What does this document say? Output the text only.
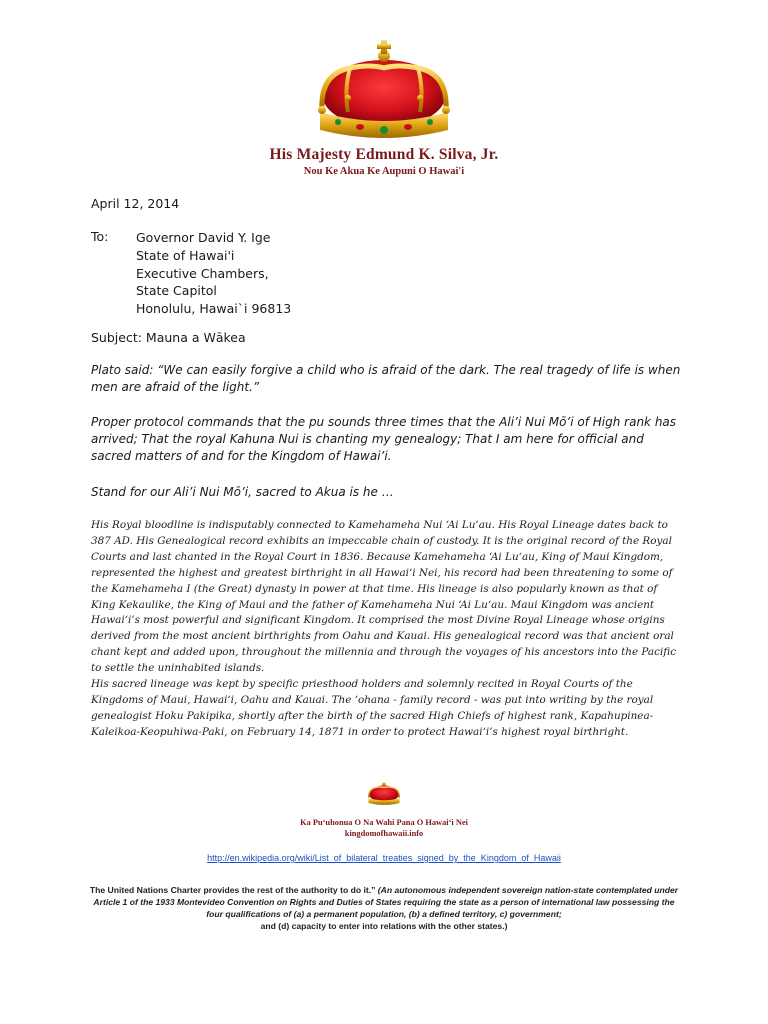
His Majesty Edmund K. Silva, Jr.
Nou Ke Akua Ke Aupuni O Hawai'i
April 12, 2014
To: Governor David Y. Ige
State of Hawai'i
Executive Chambers,
State Capitol
Honolulu, Hawai`i 96813
Subject: Mauna a Wākea
Plato said: “We can easily forgive a child who is afraid of the dark. The real tragedy of life is when men are afraid of the light.”
Proper protocol commands that the pu sounds three times that the Ali’i Nui Mō’i of High rank has arrived; That the royal Kahuna Nui is chanting my genealogy; That I am here for official and sacred matters of and for the Kingdom of Hawai’i.
Stand for our Ali’i Nui Mō’i, sacred to Akua is he …
His Royal bloodline is indisputably connected to Kamehameha Nui ʻAi Luʻau. His Royal Lineage dates back to 387 AD. His Genealogical record exhibits an impeccable chain of custody. It is the original record of the Royal Courts and last chanted in the Royal Court in 1836. Because Kamehameha ʻAi Luʻau, King of Maui Kingdom, represented the highest and greatest birthright in all Hawaiʻi Nei, his record had been threatening to some of the Kamehameha I (the Great) dynasty in power at that time. His lineage is also popularly known as that of King Kekaulike, the King of Maui and the father of Kamehameha Nui ʻAi Luʻau. Maui Kingdom was ancient Hawaiʻi’s most powerful and significant Kingdom. It comprised the most Divine Royal Lineage whose origins derived from the most ancient birthrights from Oahu and Kauai. His genealogical record was that ancient oral chant kept and added upon, throughout the millennia and through the voyages of his ancestors into the Pacific to settle the uninhabited islands.
His sacred lineage was kept by specific priesthood holders and solemnly recited in Royal Courts of the Kingdoms of Maui, Hawaiʻi, Oahu and Kauai. The ʻohana - family record - was put into writing by the royal genealogist Hoku Pakipika, shortly after the birth of the sacred High Chiefs of highest rank, Kapahupinea-Kaleikoa-Keopuhiwa-Paki, on February 14, 1871 in order to protect Hawaiʻi’s highest royal birthright.
Ka Puʻuhonua O Na Wahi Pana O Hawaiʻi Nei
kingdomofhawaii.info
http://en.wikipedia.org/wiki/List_of_bilateral_treaties_signed_by_the_Kingdom_of_Hawaii
The United Nations Charter provides the rest of the authority to do it.” (An autonomous independent sovereign nation-state contemplated under Article 1 of the 1933 Montevideo Convention on Rights and Duties of States requiring the state as a person of international law possessing the four qualifications of (a) a permanent population, (b) a defined territory, c) government;
and (d) capacity to enter into relations with the other states.)
